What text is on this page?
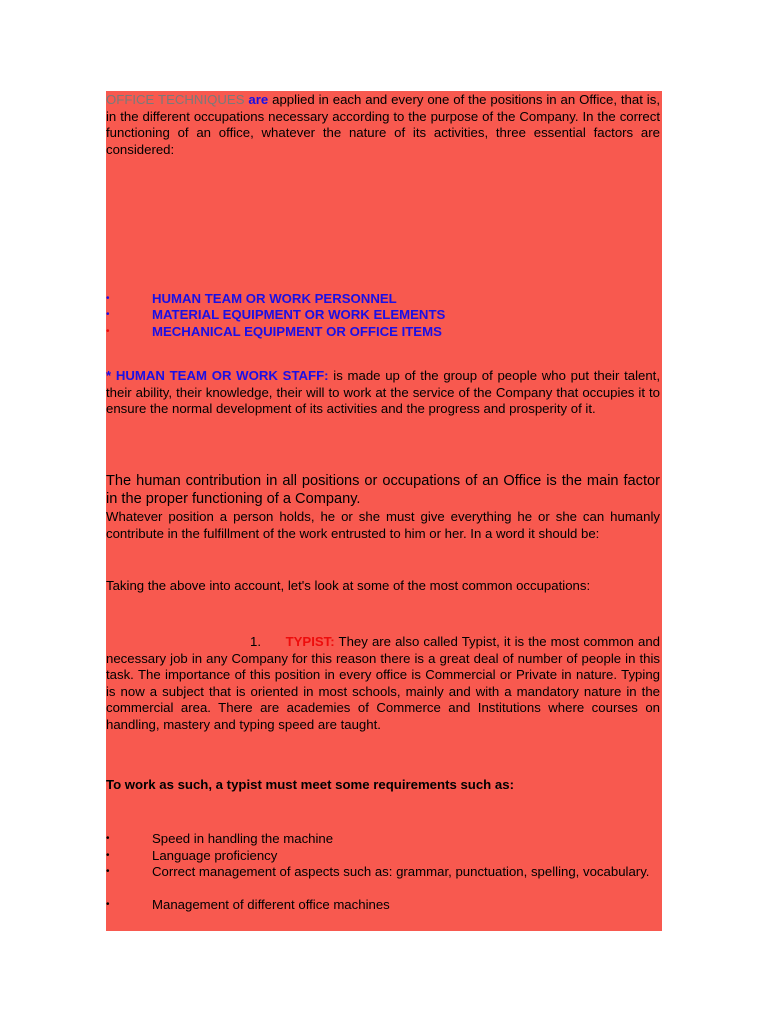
OFFICE TECHNIQUES are applied in each and every one of the positions in an Office, that is, in the different occupations necessary according to the purpose of the Company. In the correct functioning of an office, whatever the nature of its activities, three essential factors are considered:

•	HUMAN TEAM OR WORK PERSONNEL
•	MATERIAL EQUIPMENT OR WORK ELEMENTS
•	MECHANICAL EQUIPMENT OR OFFICE ITEMS

* HUMAN TEAM OR WORK STAFF: is made up of the group of people who put their talent, their ability, their knowledge, their will to work at the service of the Company that occupies it to ensure the normal development of its activities and the progress and prosperity of it.

The human contribution in all positions or occupations of an Office is the main factor in the proper functioning of a Company.

Whatever position a person holds, he or she must give everything he or she can humanly contribute in the fulfillment of the work entrusted to him or her. In a word it should be:

Taking the above into account, let's look at some of the most common occupations:

1. TYPIST: They are also called Typist, it is the most common and necessary job in any Company for this reason there is a great deal of number of people in this task. The importance of this position in every office is Commercial or Private in nature. Typing is now a subject that is oriented in most schools, mainly and with a mandatory nature in the commercial area. There are academies of Commerce and Institutions where courses on handling, mastery and typing speed are taught.

To work as such, a typist must meet some requirements such as:

•	Speed in handling the machine
•	Language proficiency

•	Correct management of aspects such as: grammar, punctuation, spelling, vocabulary.

•	Management of different office machines
